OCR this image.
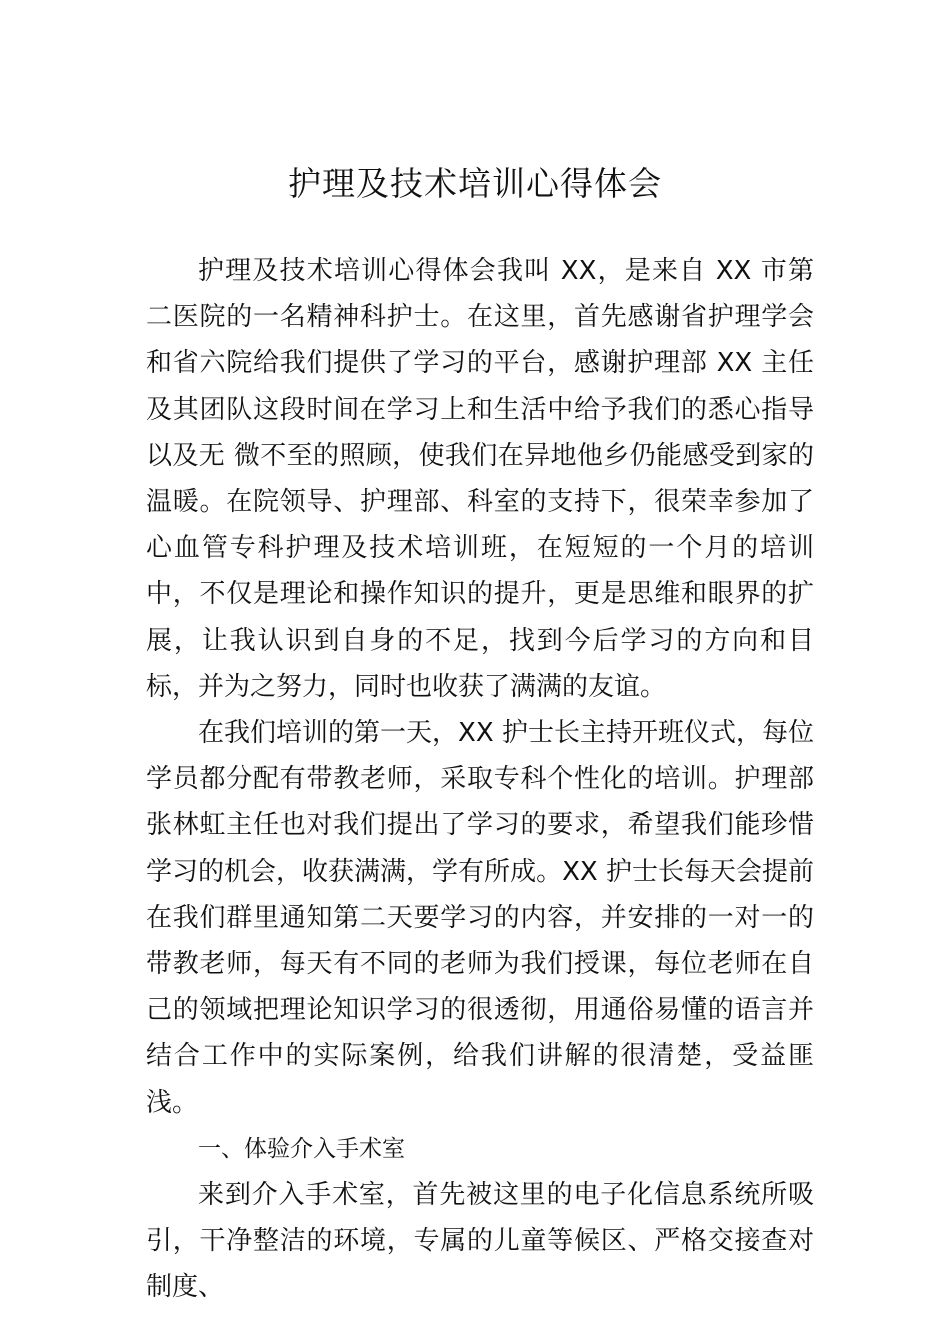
护理及技术培训心得体会

护理及技术培训心得体会我叫 XX，是来自 XX 市第二医院的一名精神科护士。在这里，首先感谢省护理学会和省六院给我们提供了学习的平台，感谢护理部 XX 主任及其团队这段时间在学习上和生活中给予我们的悉心指导以及无 微不至的照顾，使我们在异地他乡仍能感受到家的温暖。在院领导、护理部、科室的支持下，很荣幸参加了心血管专科护理及技术培训班，在短短的一个月的培训中，不仅是理论和操作知识的提升，更是思维和眼界的扩展，让我认识到自身的不足，找到今后学习的方向和目标，并为之努力，同时也收获了满满的友谊。

在我们培训的第一天，XX 护士长主持开班仪式，每位学员都分配有带教老师，采取专科个性化的培训。护理部张林虹主任也对我们提出了学习的要求，希望我们能珍惜学习的机会，收获满满，学有所成。XX 护士长每天会提前在我们群里通知第二天要学习的内容，并安排的一对一的带教老师，每天有不同的老师为我们授课，每位老师在自己的领域把理论知识学习的很透彻，用通俗易懂的语言并结合工作中的实际案例，给我们讲解的很清楚，受益匪浅。

一、体验介入手术室

来到介入手术室，首先被这里的电子化信息系统所吸引，干净整洁的环境，专属的儿童等候区、严格交接查对制度、
